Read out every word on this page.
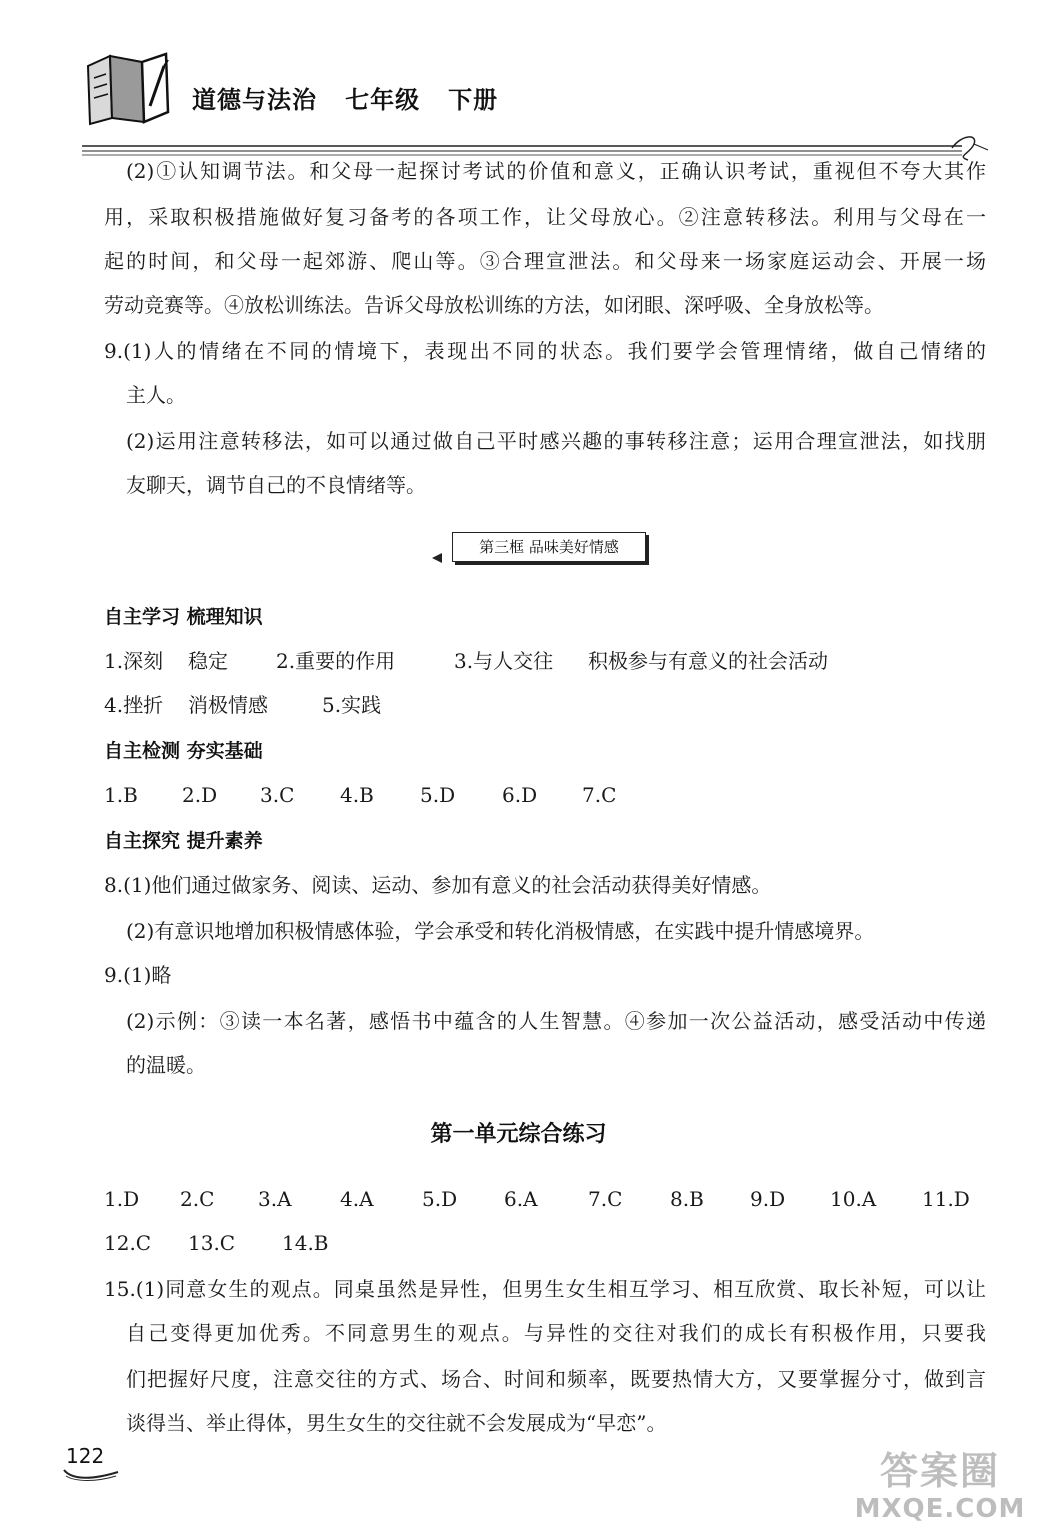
道德与法治   七年级   下册
(2)①认知调节法。和父母一起探讨考试的价值和意义，正确认识考试，重视但不夸大其作
用，采取积极措施做好复习备考的各项工作，让父母放心。②注意转移法。利用与父母在一
起的时间，和父母一起郊游、爬山等。③合理宣泄法。和父母来一场家庭运动会、开展一场
劳动竞赛等。④放松训练法。告诉父母放松训练的方法，如闭眼、深呼吸、全身放松等。
9.(1)人的情绪在不同的情境下，表现出不同的状态。我们要学会管理情绪，做自己情绪的
主人。
(2)运用注意转移法，如可以通过做自己平时感兴趣的事转移注意；运用合理宣泄法，如找朋
友聊天，调节自己的不良情绪等。
第三框 品味美好情感
自主学习 梳理知识
1.深刻 稳定 2.重要的作用	3.与人交往 积极参与有意义的社会活动
4.挫折 消极情感	5.实践
自主检测 夯实基础
1.B 2.D 3.C 4.B 5.D 6.D 7.C
自主探究 提升素养
8.(1)他们通过做家务、阅读、运动、参加有意义的社会活动获得美好情感。
(2)有意识地增加积极情感体验，学会承受和转化消极情感，在实践中提升情感境界。
9.(1)略
(2)示例：③读一本名著，感悟书中蕴含的人生智慧。④参加一次公益活动，感受活动中传递
的温暖。
第一单元综合练习
1.D 2.C 3.A 4.A 5.D 6.A	7.C 8.B 9.D 10.A 11.D
12.C 13.C 14.B
15.(1)同意女生的观点。同桌虽然是异性，但男生女生相互学习、相互欣赏、取长补短，可以让
自己变得更加优秀。不同意男生的观点。与异性的交往对我们的成长有积极作用，只要我
们把握好尺度，注意交往的方式、场合、时间和频率，既要热情大方，又要掌握分寸，做到言
谈得当、举止得体，男生女生的交往就不会发展成为“早恋”。
122	答案圈
MXQE.COM
